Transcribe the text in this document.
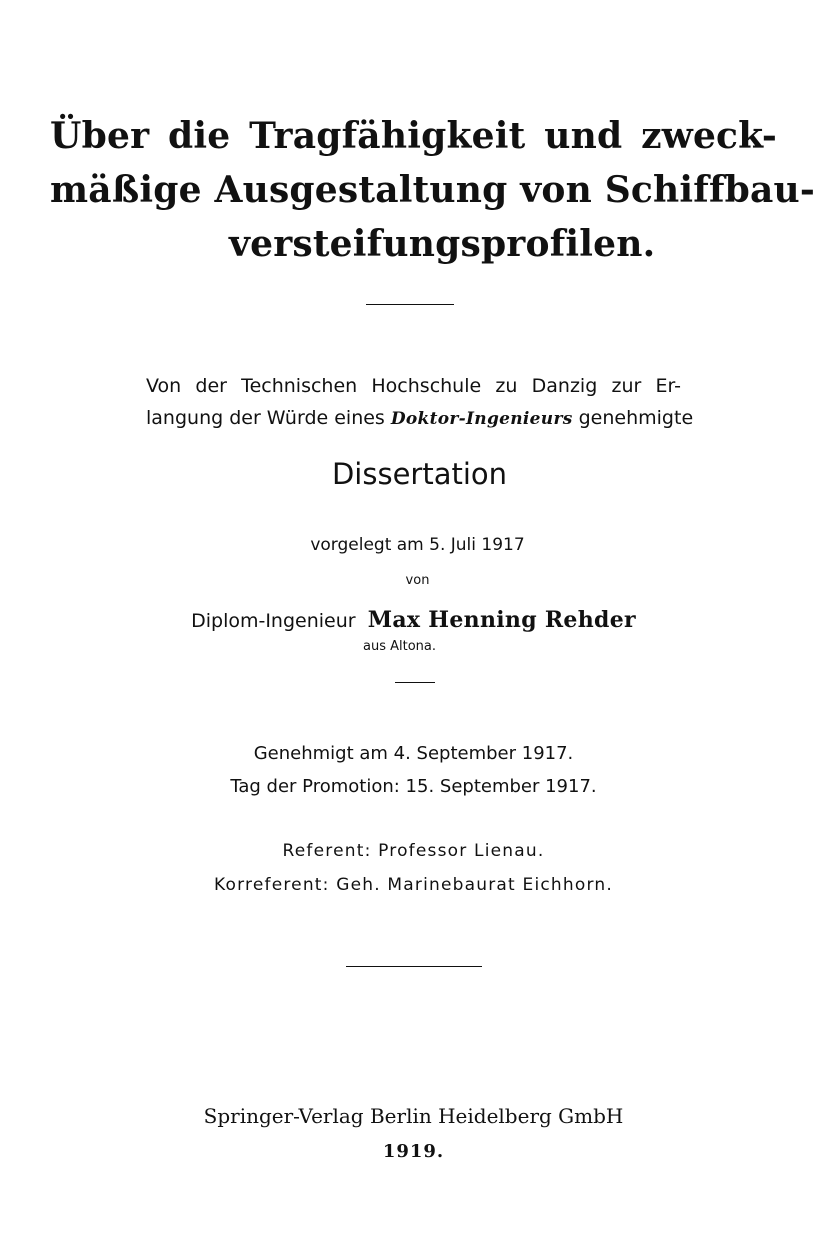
Über die Tragfähigkeit und zweck-
mäßige Ausgestaltung von Schiffbau-
versteifungsprofilen.

Von der Technischen Hochschule zu Danzig zur Er-

langung der Würde eines Doktor-Ingenieurs genehmigte

Dissertation

vorgelegt am 5. Juli 1917

von

Diplom-Ingenieur Max Henning Rehder

aus Altona.

Genehmigt am 4. September 1917.

Tag der Promotion: 15. September 1917.

Referent: Professor Lienau.

Korreferent: Geh. Marinebaurat Eichhorn.

Springer-Verlag Berlin Heidelberg GmbH

1919.
